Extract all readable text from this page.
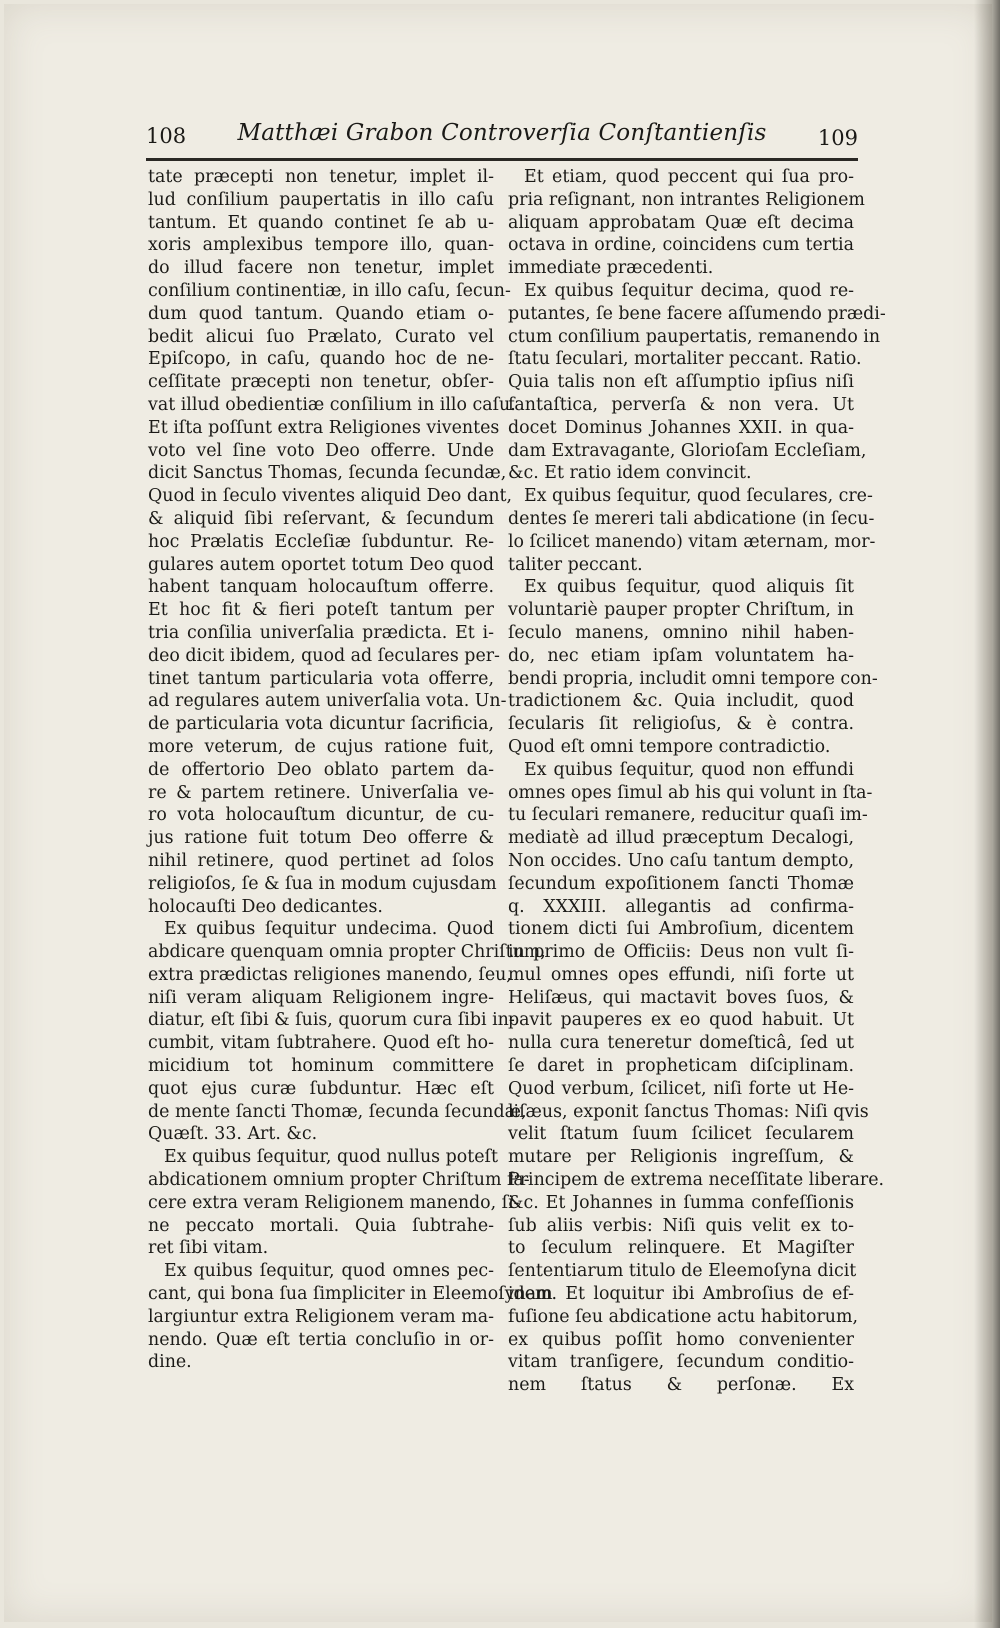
108	Matthæi Grabon Controverſia Conſtantienſis	109
tate præcepti non tenetur, implet il-
lud conſilium paupertatis in illo caſu
tantum. Et quando continet ſe ab u-
xoris amplexibus tempore illo, quan-
do illud facere non tenetur, implet
conſilium continentiæ, in illo caſu, ſecun-
dum quod tantum. Quando etiam o-
bedit alicui ſuo Prælato, Curato vel
Epiſcopo, in caſu, quando hoc de ne-
ceſſitate præcepti non tenetur, obſer-
vat illud obedientiæ conſilium in illo caſu.
Et iſta poſſunt extra Religiones viventes
voto vel ſine voto Deo offerre. Unde
dicit Sanctus Thomas, ſecunda ſecundæ,
Quod in ſeculo viventes aliquid Deo dant,
& aliquid ſibi reſervant, & ſecundum
hoc Prælatis Eccleſiæ ſubduntur. Re-
gulares autem oportet totum Deo quod
habent tanquam holocauſtum offerre.
Et hoc fit & fieri poteſt tantum per
tria conſilia univerſalia prædicta. Et i-
deo dicit ibidem, quod ad ſeculares per-
tinet tantum particularia vota offerre,
ad regulares autem univerſalia vota. Un-
de particularia vota dicuntur ſacrificia,
more veterum, de cujus ratione fuit,
de offertorio Deo oblato partem da-
re & partem retinere. Univerſalia ve-
ro vota holocauſtum dicuntur, de cu-
jus ratione fuit totum Deo offerre &
nihil retinere, quod pertinet ad ſolos
religioſos, ſe & ſua in modum cujusdam
holocauſti Deo dedicantes.
Ex quibus ſequitur undecima. Quod
abdicare quenquam omnia propter Chriſtum,
extra prædictas religiones manendo, ſeu,
niſi veram aliquam Religionem ingre-
diatur, eſt ſibi & ſuis, quorum cura ſibi in-
cumbit, vitam ſubtrahere. Quod eſt ho-
micidium tot hominum committere
quot ejus curæ ſubduntur. Hæc eſt
de mente ſancti Thomæ, ſecunda ſecundæ,
Quæſt. 33. Art. &c.
Ex quibus ſequitur, quod nullus poteſt
abdicationem omnium propter Chriſtum fa-
cere extra veram Religionem manendo, ſi-
ne peccato mortali. Quia ſubtrahe-
ret ſibi vitam.
Ex quibus ſequitur, quod omnes pec-
cant, qui bona ſua ſimpliciter in Eleemoſynam
largiuntur extra Religionem veram ma-
nendo. Quæ eſt tertia concluſio in or-
dine.
Et etiam, quod peccent qui ſua pro-
pria reſignant, non intrantes Religionem
aliquam approbatam Quæ eſt decima
octava in ordine, coincidens cum tertia
immediate præcedenti.
Ex quibus ſequitur decima, quod re-
putantes, ſe bene facere aſſumendo prædi-
ctum conſilium paupertatis, remanendo in
ſtatu ſeculari, mortaliter peccant. Ratio.
Quia talis non eſt aſſumptio ipſius niſi
fantaſtica, perverſa & non vera. Ut
docet Dominus Johannes XXII. in qua-
dam Extravagante, Glorioſam Eccleſiam,
&c. Et ratio idem convincit.
Ex quibus ſequitur, quod ſeculares, cre-
dentes ſe mereri tali abdicatione (in ſecu-
lo ſcilicet manendo) vitam æternam, mor-
taliter peccant.
Ex quibus ſequitur, quod aliquis ſit
voluntariè pauper propter Chriſtum, in
ſeculo manens, omnino nihil haben-
do, nec etiam ipſam voluntatem ha-
bendi propria, includit omni tempore con-
tradictionem &c. Quia includit, quod
ſecularis ſit religioſus, & è contra.
Quod eſt omni tempore contradictio.
Ex quibus ſequitur, quod non effundi
omnes opes ſimul ab his qui volunt in ſta-
tu ſeculari remanere, reducitur quaſi im-
mediatè ad illud præceptum Decalogi,
Non occides. Uno caſu tantum dempto,
ſecundum expoſitionem ſancti Thomæ
q. XXXIII. allegantis ad confirma-
tionem dicti ſui Ambroſium, dicentem
in primo de Officiis: Deus non vult ſi-
mul omnes opes effundi, niſi forte ut
Heliſæus, qui mactavit boves ſuos, &
pavit pauperes ex eo quod habuit. Ut
nulla cura teneretur domeſticâ, ſed ut
ſe daret in propheticam diſciplinam.
Quod verbum, ſcilicet, niſi forte ut He-
liſæus, exponit ſanctus Thomas: Niſi qvis
velit ſtatum ſuum ſcilicet ſecularem
mutare per Religionis ingreſſum, &
Principem de extrema neceſſitate liberare.
&c. Et Johannes in ſumma confeſſionis
ſub aliis verbis: Niſi quis velit ex to-
to ſeculum relinquere. Et Magiſter
ſententiarum titulo de Eleemoſyna dicit
idem. Et loquitur ibi Ambroſius de ef-
fuſione ſeu abdicatione actu habitorum,
ex quibus poſſit homo convenienter
vitam tranſigere, ſecundum conditio-
nem ſtatus & perſonæ. Ex
